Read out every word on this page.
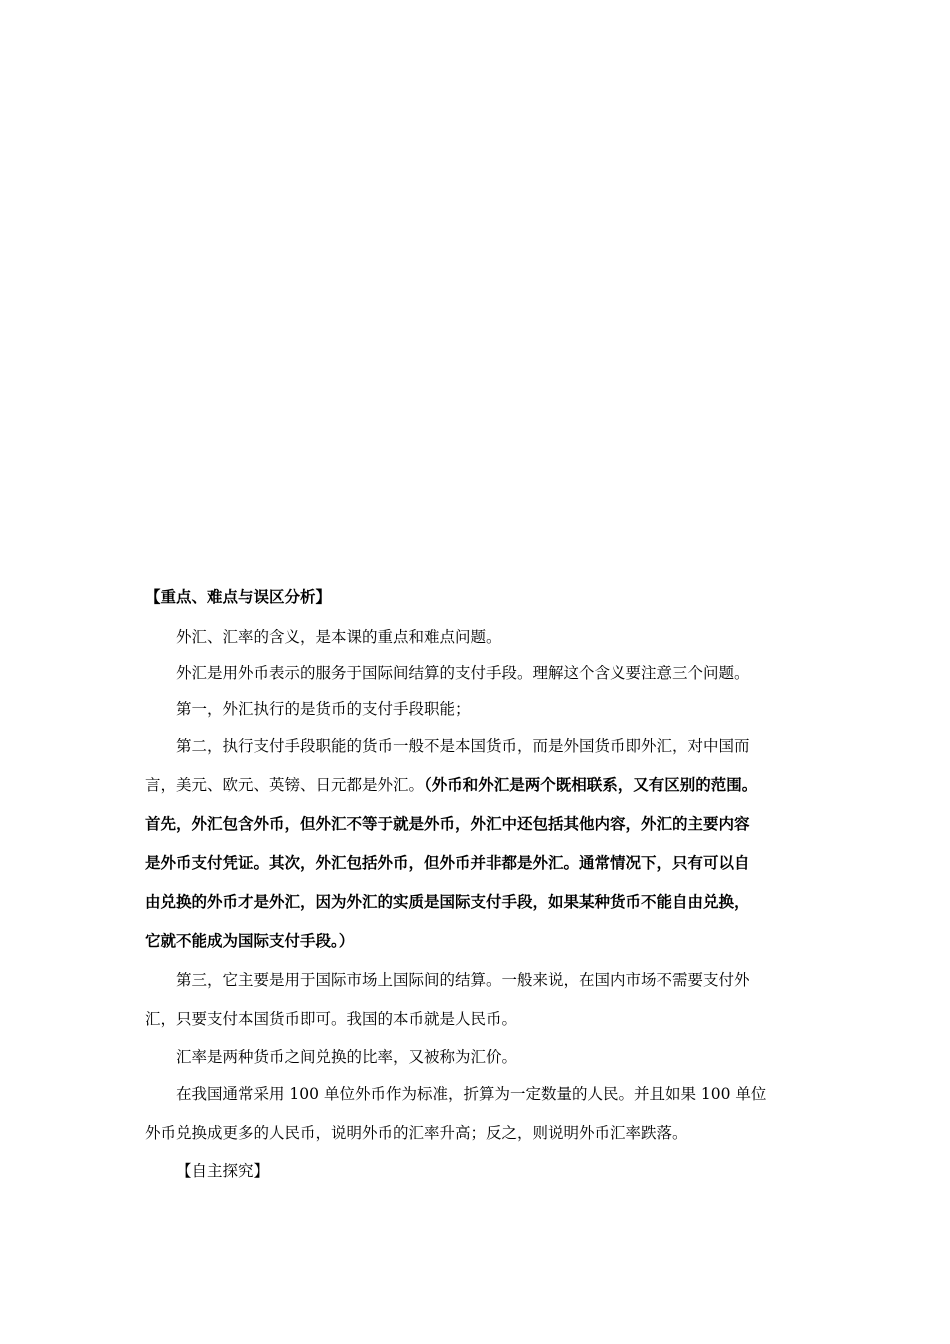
【重点、难点与误区分析】

外汇、汇率的含义，是本课的重点和难点问题。

外汇是用外币表示的服务于国际间结算的支付手段。理解这个含义要注意三个问题。

第一，外汇执行的是货币的支付手段职能；

第二，执行支付手段职能的货币一般不是本国货币，而是外国货币即外汇，对中国而

言，美元、欧元、英镑、日元都是外汇。（外币和外汇是两个既相联系，又有区别的范围。
首先，外汇包含外币，但外汇不等于就是外币，外汇中还包括其他内容，外汇的主要内容
是外币支付凭证。其次，外汇包括外币，但外币并非都是外汇。通常情况下，只有可以自
由兑换的外币才是外汇，因为外汇的实质是国际支付手段，如果某种货币不能自由兑换，
它就不能成为国际支付手段。）

第三，它主要是用于国际市场上国际间的结算。一般来说，在国内市场不需要支付外

汇，只要支付本国货币即可。我国的本币就是人民币。

汇率是两种货币之间兑换的比率，又被称为汇价。

在我国通常采用 100 单位外币作为标准，折算为一定数量的人民。并且如果 100 单位

外币兑换成更多的人民币，说明外币的汇率升高；反之，则说明外币汇率跌落。
【自主探究】
